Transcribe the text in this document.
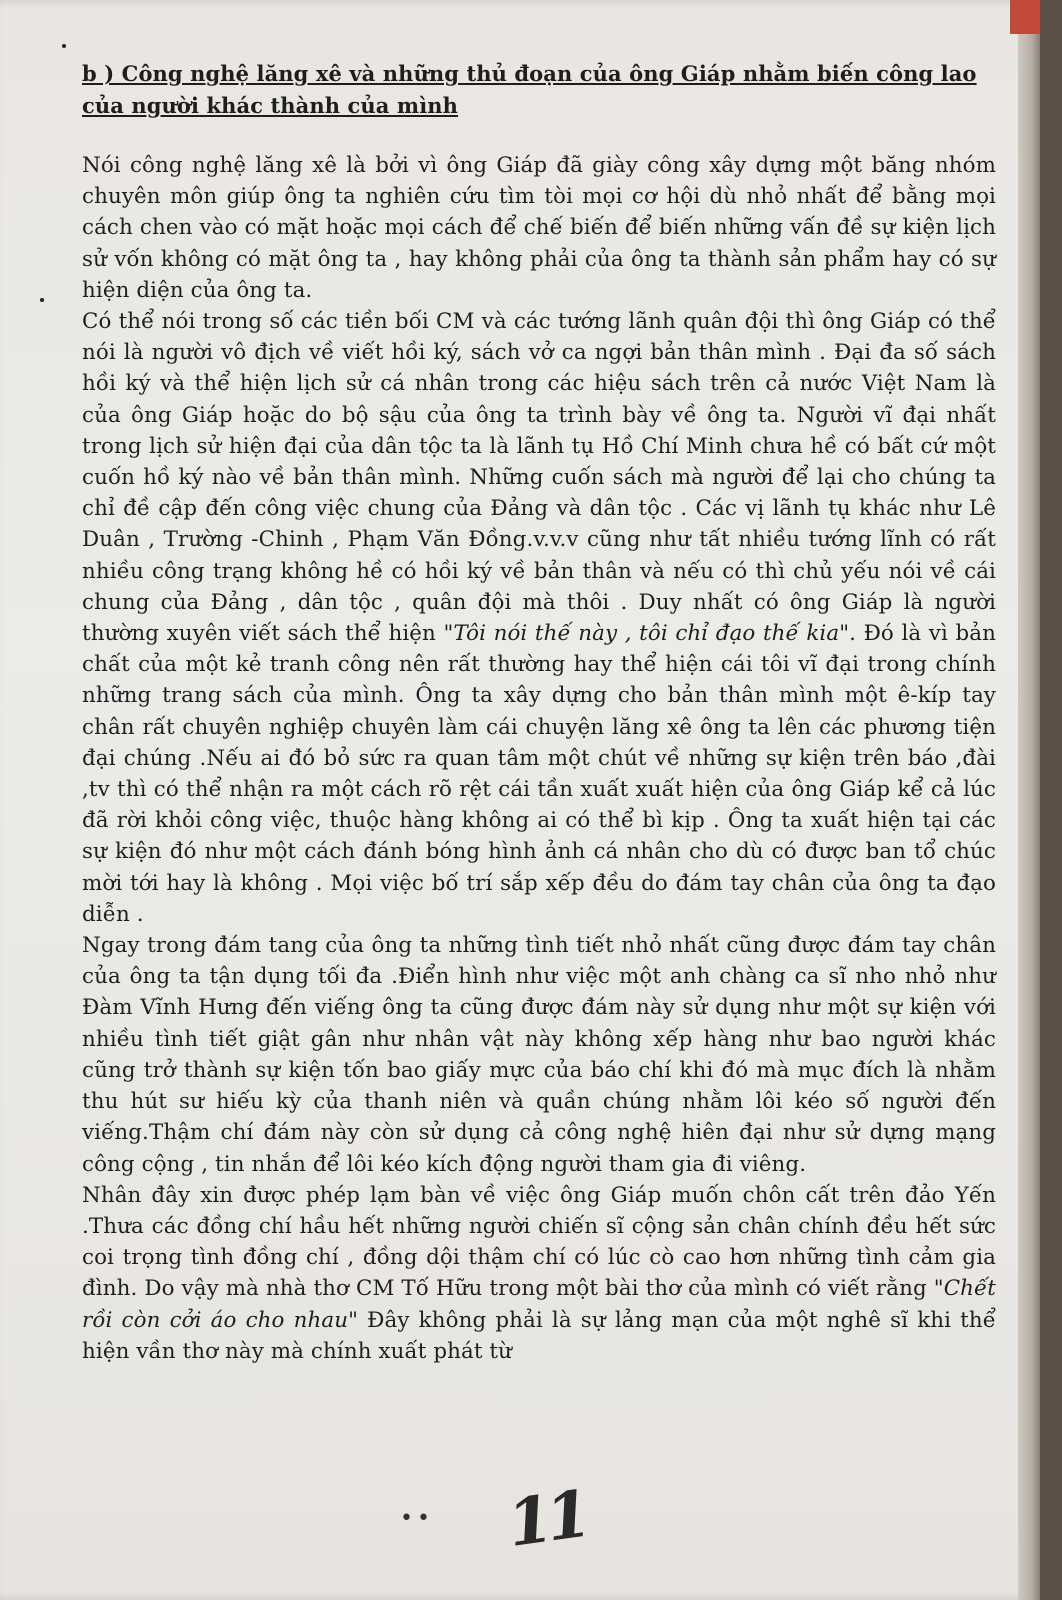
b ) Công nghệ lăng xê và những thủ đoạn của ông Giáp nhằm biến công lao của người khác thành của mình

Nói công nghệ lăng xê là bởi vì ông Giáp đã giày công xây dựng một băng nhóm chuyên môn giúp ông ta nghiên cứu tìm tòi mọi cơ hội dù nhỏ nhất để bằng mọi cách chen vào có mặt hoặc mọi cách để chế biến để biến những vấn đề sự kiện lịch sử vốn không có mặt ông ta , hay không phải của ông ta thành sản phẩm hay có sự hiện diện của ông ta.

Có thể nói trong số các tiền bối CM và các tướng lãnh quân đội thì ông Giáp có thể nói là người vô địch về viết hồi ký, sách vở ca ngợi bản thân mình . Đại đa số sách hồi ký và thể hiện lịch sử cá nhân trong các hiệu sách trên cả nước Việt Nam là của ông Giáp hoặc do bộ sậu của ông ta trình bày về ông ta. Người vĩ đại nhất trong lịch sử hiện đại của dân tộc ta là lãnh tụ Hồ Chí Minh chưa hề có bất cứ một cuốn hồ ký nào về bản thân mình. Những cuốn sách mà người để lại cho chúng ta chỉ đề cập đến công việc chung của Đảng và dân tộc . Các vị lãnh tụ khác như Lê Duân , Trường -Chinh , Phạm Văn Đồng.v.v.v cũng như tất nhiều tướng lĩnh có rất nhiều công trạng không hề có hồi ký về bản thân và nếu có thì chủ yếu nói về cái chung của Đảng , dân tộc , quân đội mà thôi . Duy nhất có ông Giáp là người thường xuyên viết sách thể hiện "Tôi nói thế này , tôi chỉ đạo thế kia". Đó là vì bản chất của một kẻ tranh công nên rất thường hay thể hiện cái tôi vĩ đại trong chính những trang sách của mình. Ông ta xây dựng cho bản thân mình một ê-kíp tay chân rất chuyên nghiệp chuyên làm cái chuyện lăng xê ông ta lên các phương tiện đại chúng .Nếu ai đó bỏ sức ra quan tâm một chút về những sự kiện trên báo ,đài ,tv thì có thể nhận ra một cách rõ rệt cái tần xuất xuất hiện của ông Giáp kể cả lúc đã rời khỏi công việc, thuộc hàng không ai có thể bì kịp . Ông ta xuất hiện tại các sự kiện đó như một cách đánh bóng hình ảnh cá nhân cho dù có được ban tổ chúc mời tới hay là không . Mọi việc bố trí sắp xếp đều do đám tay chân của ông ta đạo diễn .

Ngay trong đám tang của ông ta những tình tiết nhỏ nhất cũng được đám tay chân của ông ta tận dụng tối đa .Điển hình như việc một anh chàng ca sĩ nho nhỏ như Đàm Vĩnh Hưng đến viếng ông ta cũng được đám này sử dụng như một sự kiện với nhiều tình tiết giật gân như nhân vật này không xếp hàng như bao người khác cũng trở thành sự kiện tốn bao giấy mực của báo chí khi đó mà mục đích là nhằm thu hút sư hiếu kỳ của thanh niên và quần chúng nhằm lôi kéo số người đến viếng.Thậm chí đám này còn sử dụng cả công nghệ hiên đại như sử dựng mạng công cộng , tin nhắn để lôi kéo kích động người tham gia đi viêng.

Nhân đây xin được phép lạm bàn về việc ông Giáp muốn chôn cất trên đảo Yến .Thưa các đồng chí hầu hết những người chiến sĩ cộng sản chân chính đều hết sức coi trọng tình đồng chí , đồng dội thậm chí có lúc cò cao hơn những tình cảm gia đình. Do vậy mà nhà thơ CM Tố Hữu trong một bài thơ của mình có viết rằng "Chết rồi còn cởi áo cho nhau" Đây không phải là sự lảng mạn của một nghê sĩ khi thể hiện vần thơ này mà chính xuất phát từ

•• 11
